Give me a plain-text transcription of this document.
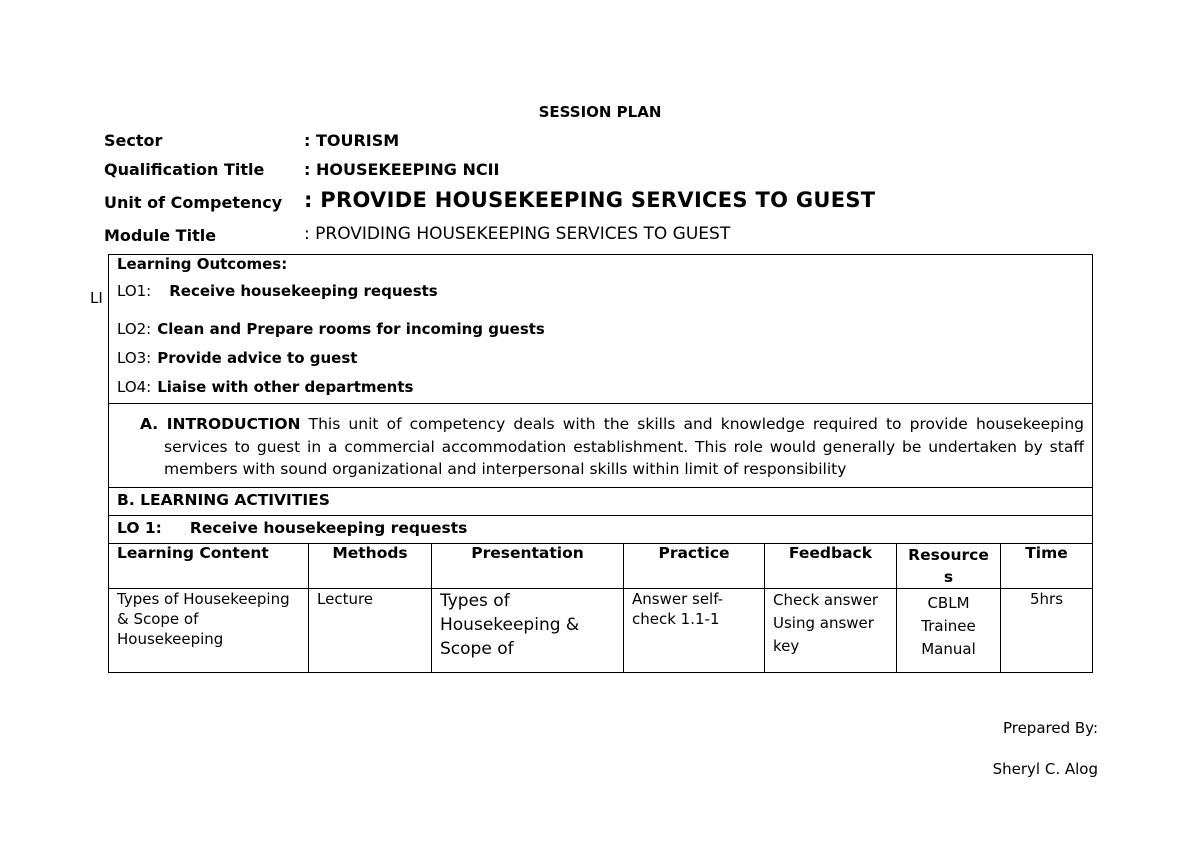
SESSION PLAN
Sector	: TOURISM
Qualification Title : HOUSEKEEPING NCII
Unit of Competency : PROVIDE HOUSEKEEPING SERVICES TO GUEST
Module Title	: PROVIDING HOUSEKEEPING SERVICES TO GUEST
LI
Learning Outcomes:
LO1: Receive housekeeping requests
LO2: Clean and Prepare rooms for incoming guests
LO3: Provide advice to guest
LO4: Liaise with other departments						

A. INTRODUCTION This unit of competency deals with the skills and knowledge required to provide housekeeping services to guest in a commercial accommodation establishment. This role would generally be undertaken by staff members with sound organizational and interpersonal skills within limit of responsibility						
B. LEARNING ACTIVITIES						
LO 1: Receive housekeeping requests						
Learning Content	Methods	Presentation	Practice	Feedback	Resources	Time
Types of Housekeeping & Scope of Housekeeping	Lecture	Types of Housekeeping & Scope of	Answer self-check 1.1-1	Check answer Using answer key	CBLM Trainee Manual	5hrs
Prepared By:
Sheryl C. Alog
